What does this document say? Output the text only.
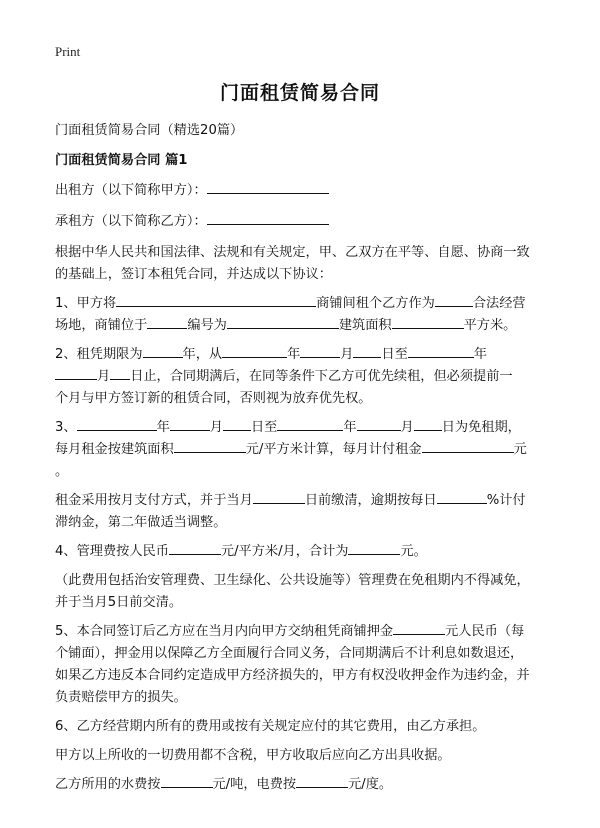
Print
门面租赁简易合同
门面租赁简易合同（精选20篇）
门面租赁简易合同 篇1
出租方（以下简称甲方）：
承租方（以下简称乙方）：
根据中华人民共和国法律、法规和有关规定，甲、乙双方在平等、自愿、协商一致
的基础上，签订本租凭合同，并达成以下协议：
1、甲方将	商铺间租个乙方作为	合法经营
场地，商铺位于	编号为	建筑面积	平方米。
2、租凭期限为	年，从	年	月 日至	年
月 日止，合同期满后，在同等条件下乙方可优先续租，但必须提前一
个月与甲方签订新的租赁合同，否则视为放弃优先权。
3、	年	月 日至	年	月 日为免租期，
每月租金按建筑面积	元/平方米计算，每月计付租金	元
。
租金采用按月支付方式，并于当月	日前缴清，逾期按每日	%计付
滞纳金，第二年做适当调整。
4、管理费按人民币	元/平方米/月，合计为	元。
（此费用包括治安管理费、卫生绿化、公共设施等）管理费在免租期内不得减免，
并于当月5日前交清。
5、本合同签订后乙方应在当月内向甲方交纳租凭商铺押金	元人民币（每
个铺面），押金用以保障乙方全面履行合同义务，合同期满后不计利息如数退还，
如果乙方违反本合同约定造成甲方经济损失的，甲方有权没收押金作为违约金，并
负责赔偿甲方的损失。
6、乙方经营期内所有的费用或按有关规定应付的其它费用，由乙方承担。
甲方以上所收的一切费用都不含税，甲方收取后应向乙方出具收据。
乙方所用的水费按	元/吨，电费按	元/度。
